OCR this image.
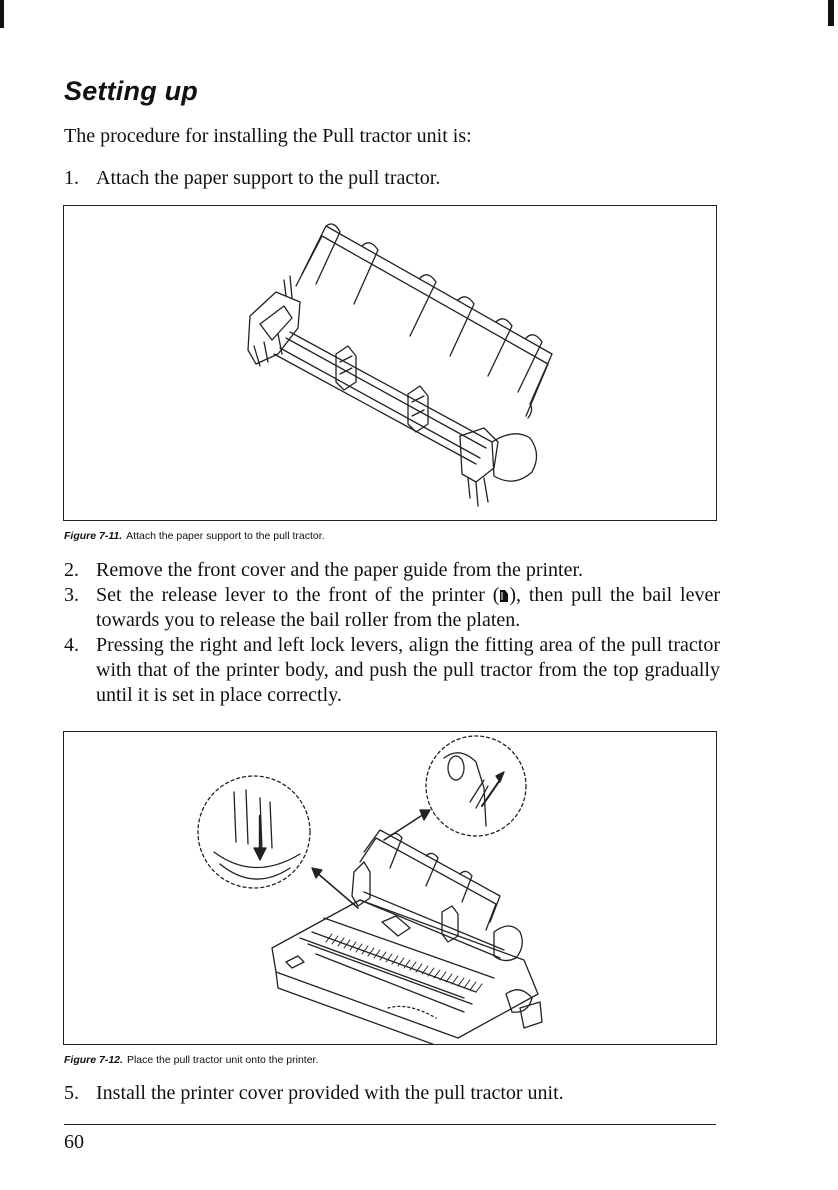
Setting up

The procedure for installing the Pull tractor unit is:

1. Attach the paper support to the pull tractor.

Figure 7-11. Attach the paper support to the pull tractor.

2. Remove the front cover and the paper guide from the printer.
3. Set the release lever to the front of the printer ( ), then pull the bail lever towards you to release the bail roller from the platen.
4. Pressing the right and left lock levers, align the fitting area of the pull tractor with that of the printer body, and push the pull tractor from the top gradually until it is set in place correctly.

Figure 7-12. Place the pull tractor unit onto the printer.

5. Install the printer cover provided with the pull tractor unit.

60
